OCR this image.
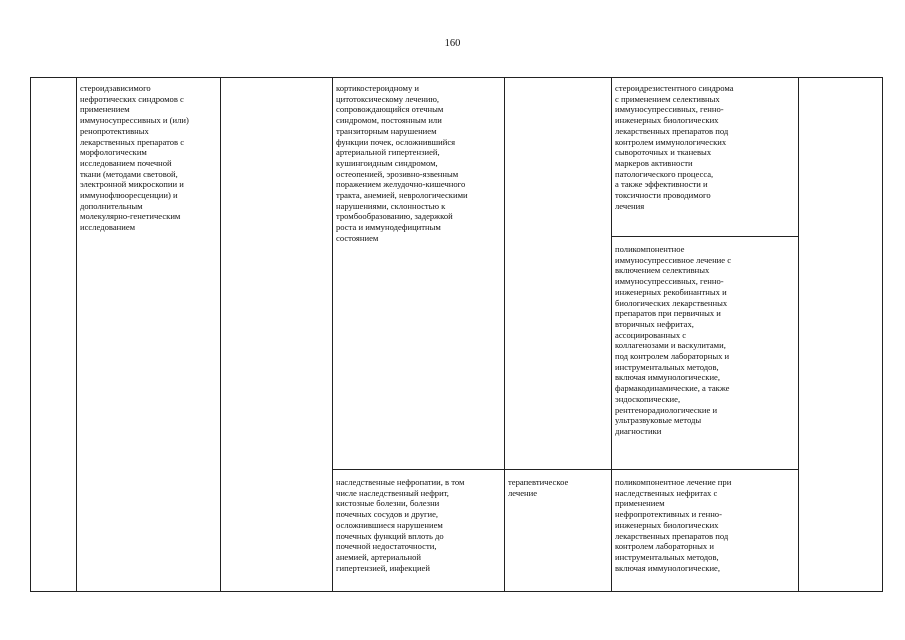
160

стероидзависимого
нефротических синдромов с
применением
иммуносупрессивных и (или)
ренопротективных
лекарственных препаратов с
морфологическим
исследованием почечной
ткани (методами световой,
электронной микроскопии и
иммунофлюоресценции) и
дополнительным
молекулярно-генетическим
исследованием

кортикостероидному и
цитотоксическому лечению,
сопровождающийся отечным
синдромом, постоянным или
транзиторным нарушением
функции почек, осложнившийся
артериальной гипертензией,
кушингоидным синдромом,
остеопенией, эрозивно-язвенным
поражением желудочно-кишечного
тракта, анемией, неврологическими
нарушениями, склонностью к
тромбообразованию, задержкой
роста и иммунодефицитным
состоянием

стероидрезистентного синдрома
с применением селективных
иммуносупрессивных, генно-
инженерных биологических
лекарственных препаратов под
контролем иммунологических
сывороточных и тканевых
маркеров активности
патологического процесса,
а также эффективности и
токсичности проводимого
лечения

поликомпонентное
иммуносупрессивное лечение с
включением селективных
иммуносупрессивных, генно-
инженерных рекобинантных и
биологических лекарственных
препаратов при первичных и
вторичных нефритах,
ассоциированных с
коллагенозами и васкулитами,
под контролем лабораторных и
инструментальных методов,
включая иммунологические,
фармакодинамические, а также
эндоскопические,
рентгенорадиологические и
ультразвуковые методы
диагностики

наследственные нефропатии, в том
числе наследственный нефрит,
кистозные болезни, болезни
почечных сосудов и другие,
осложнившиеся нарушением
почечных функций вплоть до
почечной недостаточности,
анемией, артериальной
гипертензией, инфекцией

терапевтическое
лечение

поликомпонентное лечение при
наследственных нефритах с
применением
нефропротективных и генно-
инженерных биологических
лекарственных препаратов под
контролем лабораторных и
инструментальных методов,
включая иммунологические,
